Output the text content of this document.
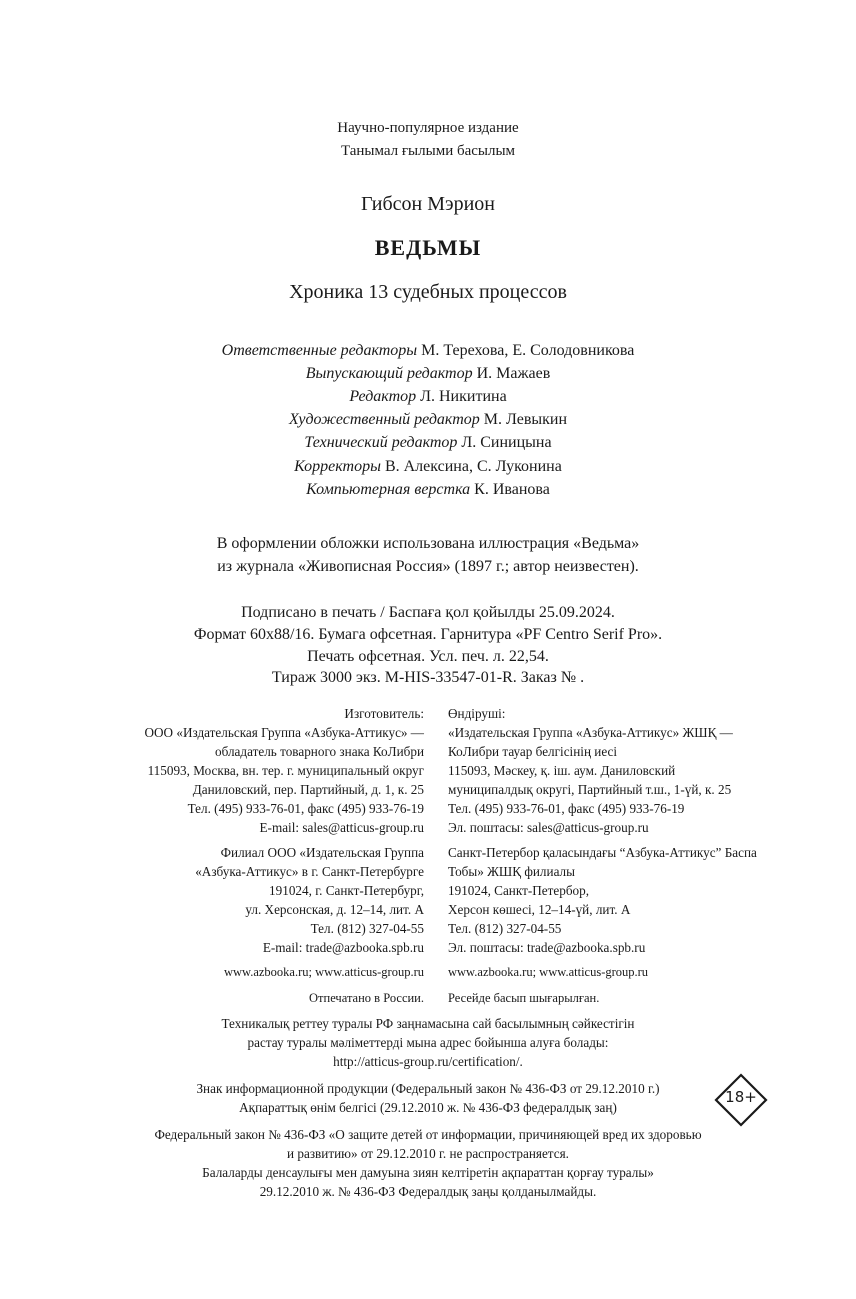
Научно-популярное издание
Танымал ғылыми басылым
Гибсон Мэрион
ВЕДЬМЫ
Хроника 13 судебных процессов
Ответственные редакторы М. Терехова, Е. Солодовникова
Выпускающий редактор И. Мажаев
Редактор Л. Никитина
Художественный редактор М. Левыкин
Технический редактор Л. Синицына
Корректоры В. Алексина, С. Луконина
Компьютерная верстка К. Иванова
В оформлении обложки использована иллюстрация «Ведьма»
из журнала «Живописная Россия» (1897 г.; автор неизвестен).
Подписано в печать / Баспаға қол қойылды 25.09.2024.
Формат 60х88/16. Бумага офсетная. Гарнитура «PF Centro Serif Pro».
Печать офсетная. Усл. печ. л. 22,54.
Тираж 3000 экз. M-HIS-33547-01-R. Заказ № .
Изготовитель:
ООО «Издательская Группа «Азбука-Аттикус» —
обладатель товарного знака КоЛибри
115093, Москва, вн. тер. г. муниципальный округ
Даниловский, пер. Партийный, д. 1, к. 25
Тел. (495) 933-76-01, факс (495) 933-76-19
E-mail: sales@atticus-group.ru
Өндіруші:
«Издательская Группа «Азбука-Аттикус» ЖШҚ —
КоЛибри тауар белгісінің иесі
115093, Мәскеу, қ. іш. аум. Даниловский
муниципалдық округі, Партийный т.ш., 1-үй, к. 25
Тел. (495) 933-76-01, факс (495) 933-76-19
Эл. поштасы: sales@atticus-group.ru
Филиал ООО «Издательская Группа
«Азбука-Аттикус» в г. Санкт-Петербурге
191024, г. Санкт-Петербург,
ул. Херсонская, д. 12–14, лит. А
Тел. (812) 327-04-55
E-mail: trade@azbooka.spb.ru
Санкт-Петербор қаласындағы “Азбука-Аттикус” Баспа
Тобы» ЖШҚ филиалы
191024, Санкт-Петербор,
Херсон көшесі, 12–14-үй, лит. А
Тел. (812) 327-04-55
Эл. поштасы: trade@azbooka.spb.ru
www.azbooka.ru; www.atticus-group.ru www.azbooka.ru; www.atticus-group.ru
Отпечатано в России. Ресейде басып шығарылған.
Техникалық реттеу туралы РФ заңнамасына сай басылымның сәйкестігін
растау туралы мәліметтерді мына адрес бойынша алуға болады:
http://atticus-group.ru/certification/.
Знак информационной продукции (Федеральный закон № 436-ФЗ от 29.12.2010 г.)
Ақпараттық өнім белгісі (29.12.2010 ж. № 436-ФЗ федералдық заң)
18+
Федеральный закон № 436-ФЗ «О защите детей от информации, причиняющей вред их здоровью
и развитию» от 29.12.2010 г. не распространяется.
Балаларды денсаулығы мен дамуына зиян келтіретін ақпараттан қорғау туралы»
29.12.2010 ж. № 436-ФЗ Федералдық заңы қолданылмайды.
